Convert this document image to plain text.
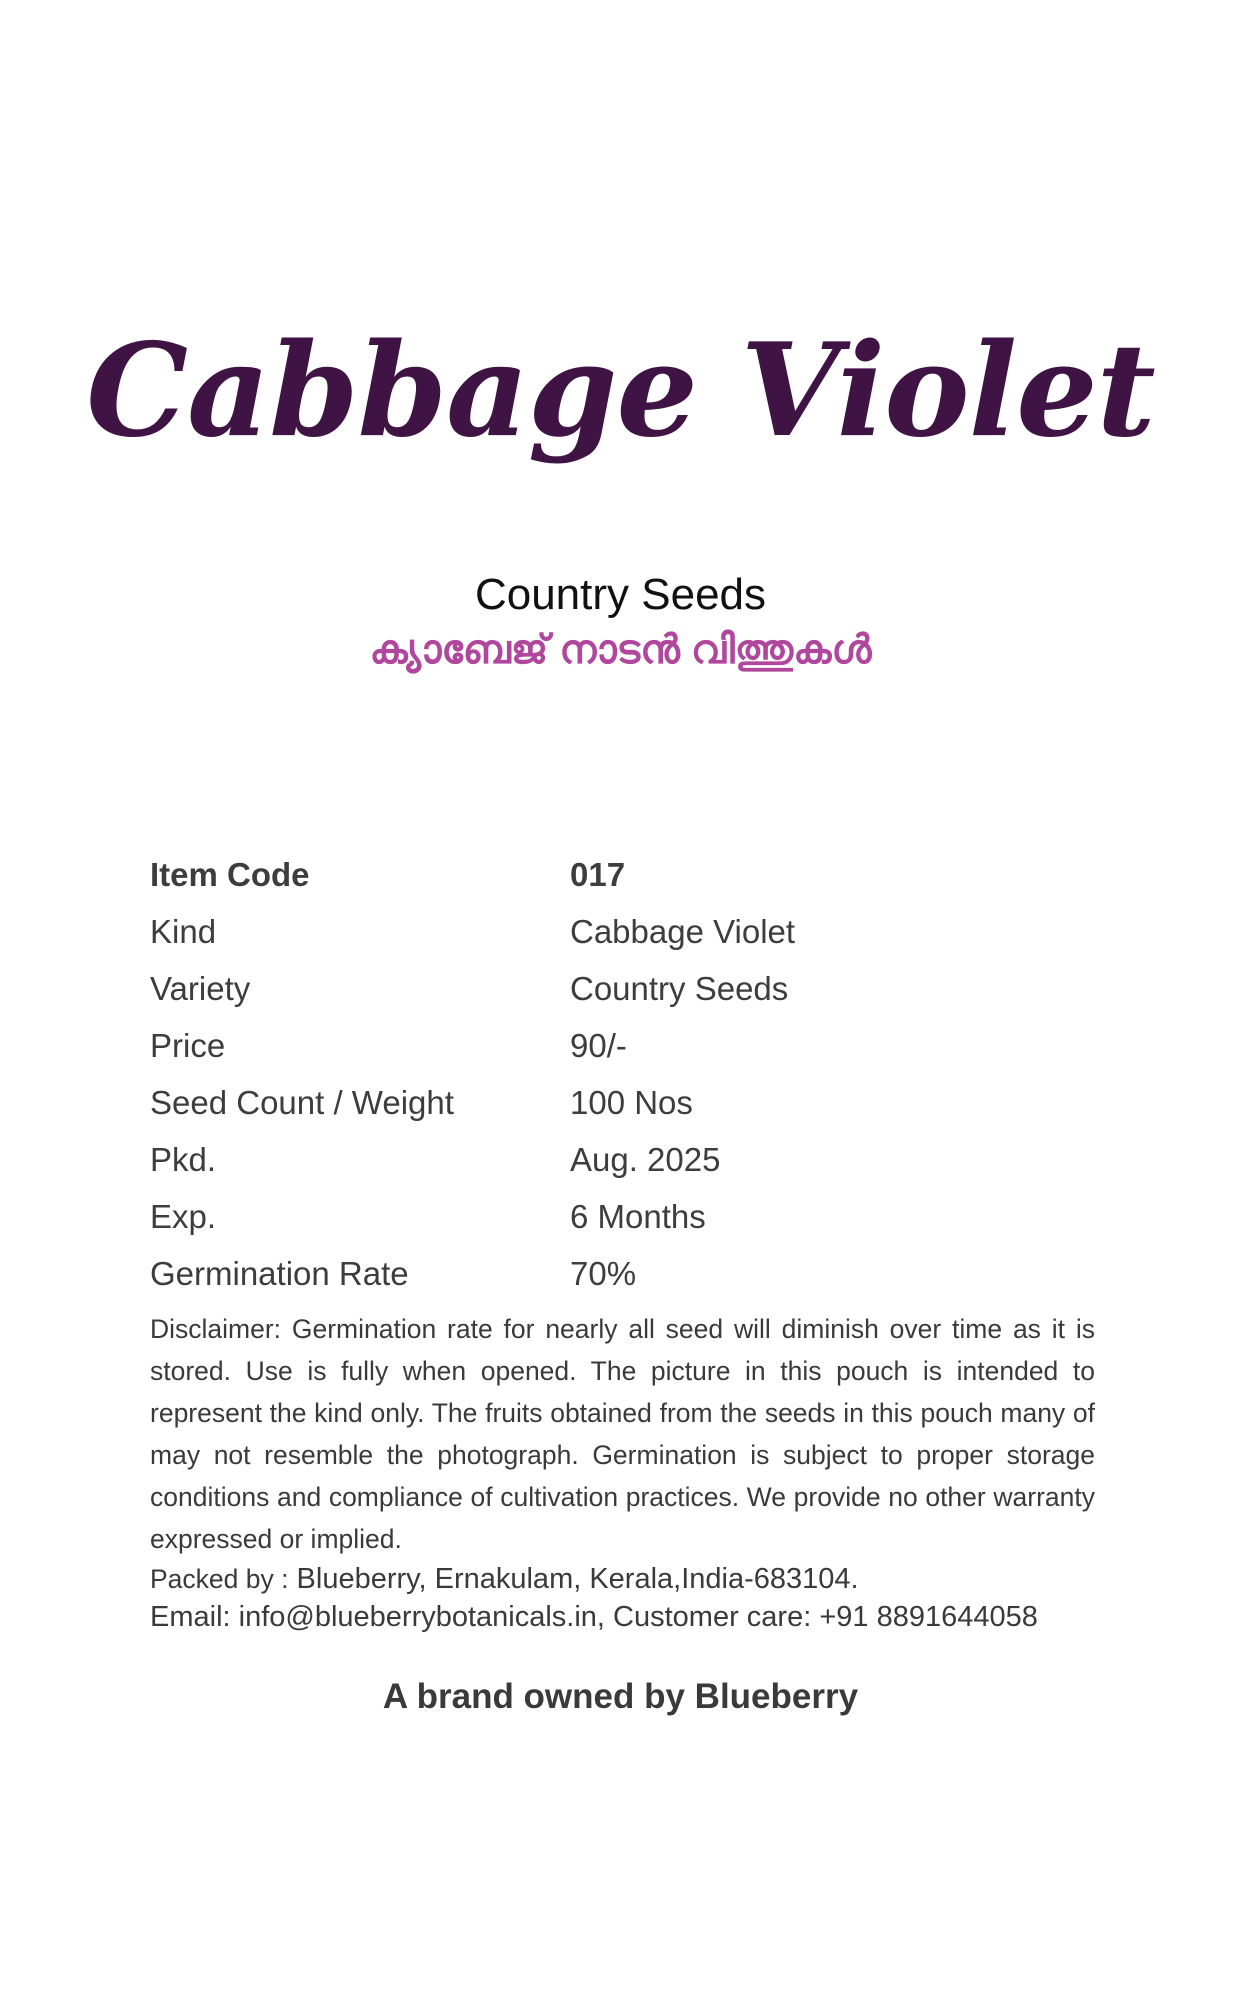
Cabbage Violet
Country Seeds
ക്യാബേജ് നാടൻ വിത്തുകൾ
Item Code	017
Kind	Cabbage Violet
Variety	Country Seeds
Price	90/-
Seed Count / Weight	100 Nos
Pkd.	Aug. 2025
Exp.	6 Months
Germination Rate	70%
Disclaimer: Germination rate for nearly all seed will diminish over time as it is stored. Use is fully when opened. The picture in this pouch is intended to represent the kind only. The fruits obtained from the seeds in this pouch many of may not resemble the photograph. Germination is subject to proper storage conditions and compliance of cultivation practices. We provide no other warranty expressed or implied.
Packed by : Blueberry, Ernakulam, Kerala,India-683104.
Email: info@blueberrybotanicals.in, Customer care: +91 8891644058
A brand owned by Blueberry
